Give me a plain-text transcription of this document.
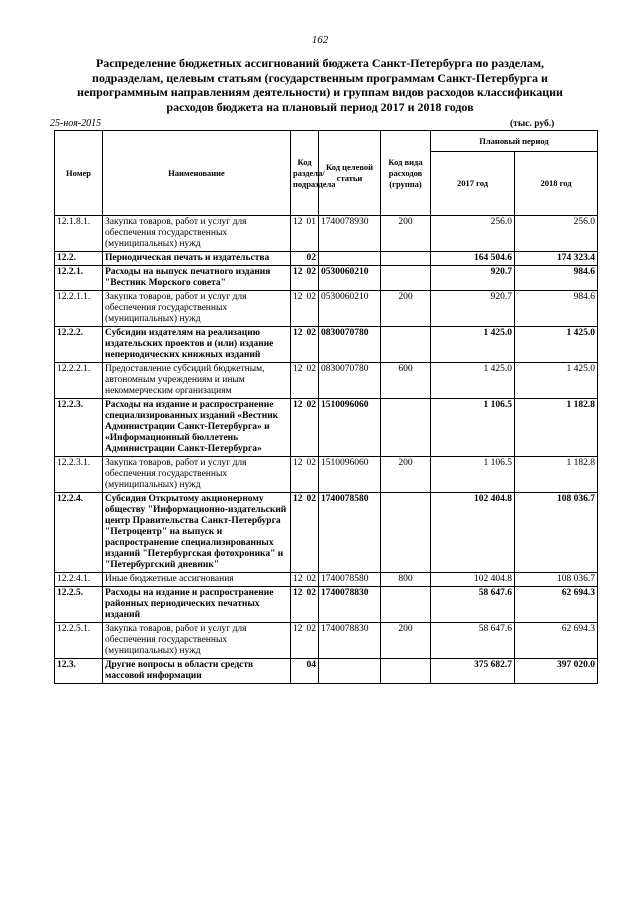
162
Распределение бюджетных ассигнований бюджета Санкт-Петербурга по разделам, подразделам, целевым статьям (государственным программам Санкт-Петербурга и непрограммным направлениям деятельности) и группам видов расходов классификации расходов бюджета на плановый период 2017 и 2018 годов
25-ноя-2015	(тыс. руб.)
Номер	Наименование	Код раздела/ подраздела		Код целевой статьи	Код вида расходов (группа)	Плановый период	
						2017 год	2018 год
12.1.8.1.	Закупка товаров, работ и услуг для обеспечения государственных (муниципальных) нужд	12	01	1740078930	200	256.0	256.0
12.2.	Периодическая печать и издательства		02			164 504.6	174 323.4
12.2.1.	Расходы на выпуск печатного издания "Вестник Морского совета"	12	02	0530060210		920.7	984.6
12.2.1.1.	Закупка товаров, работ и услуг для обеспечения государственных (муниципальных) нужд	12	02	0530060210	200	920.7	984.6
12.2.2.	Субсидии издателям на реализацию издательских проектов и (или) издание непериодических книжных изданий	12	02	0830070780		1 425.0	1 425.0
12.2.2.1.	Предоставление субсидий бюджетным, автономным учреждениям и иным некоммерческим организациям	12	02	0830070780	600	1 425.0	1 425.0
12.2.3.	Расходы на издание и распространение специализированных изданий «Вестник Администрации Санкт-Петербурга» и «Информационный бюллетень Администрации Санкт-Петербурга»	12	02	1510096060		1 106.5	1 182.8
12.2.3.1.	Закупка товаров, работ и услуг для обеспечения государственных (муниципальных) нужд	12	02	1510096060	200	1 106.5	1 182.8
12.2.4.	Субсидия Открытому акционерному обществу "Информационно-издательский центр Правительства Санкт-Петербурга "Петроцентр" на выпуск и распространение специализированных изданий "Петербургская фотохроника" и "Петербургский дневник"	12	02	1740078580		102 404.8	108 036.7
12.2.4.1.	Иные бюджетные ассигнования	12	02	1740078580	800	102 404.8	108 036.7
12.2.5.	Расходы на издание и распространение районных периодических печатных изданий	12	02	1740078830		58 647.6	62 694.3
12.2.5.1.	Закупка товаров, работ и услуг для обеспечения государственных (муниципальных) нужд	12	02	1740078830	200	58 647.6	62 694.3
12.3.	Другие вопросы в области средств массовой информации		04			375 682.7	397 020.0
